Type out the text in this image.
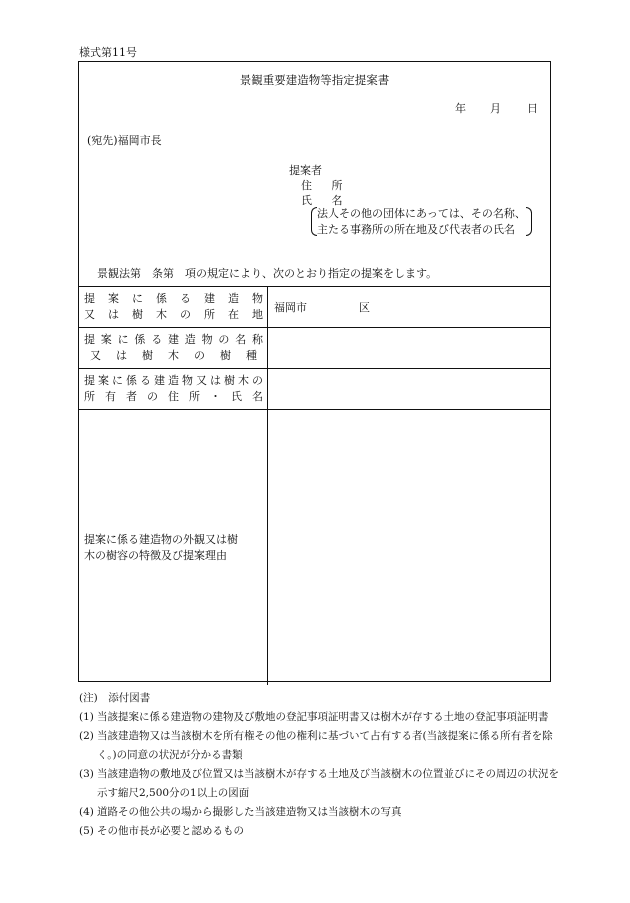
様式第11号
景観重要建造物等指定提案書
年 月 日
(宛先)福岡市長
提案者
住 所
氏 名
法人その他の団体にあっては、その名称、
主たる事務所の所在地及び代表者の氏名
景観法第　条第　項の規定により、次のとおり指定の提案をします。
提案に係る建造物
又は樹木の所在地	福岡市 区

提案に係る建造物の名称
又は樹木の樹種	

提案に係る建造物又は樹木の
所有者の住所・氏名	

提案に係る建造物の外観又は樹
木の樹容の特徴及び提案理由	

(注)　添付図書
(1) 当該提案に係る建造物の建物及び敷地の登記事項証明書又は樹木が存する土地の登記事項証明書
(2) 当該建造物又は当該樹木を所有権その他の権利に基づいて占有する者(当該提案に係る所有者を除く。)の同意の状況が分かる書類
(3) 当該建造物の敷地及び位置又は当該樹木が存する土地及び当該樹木の位置並びにその周辺の状況を示す縮尺2,500分の1以上の図面
(4) 道路その他公共の場から撮影した当該建造物又は当該樹木の写真
(5) その他市長が必要と認めるもの
